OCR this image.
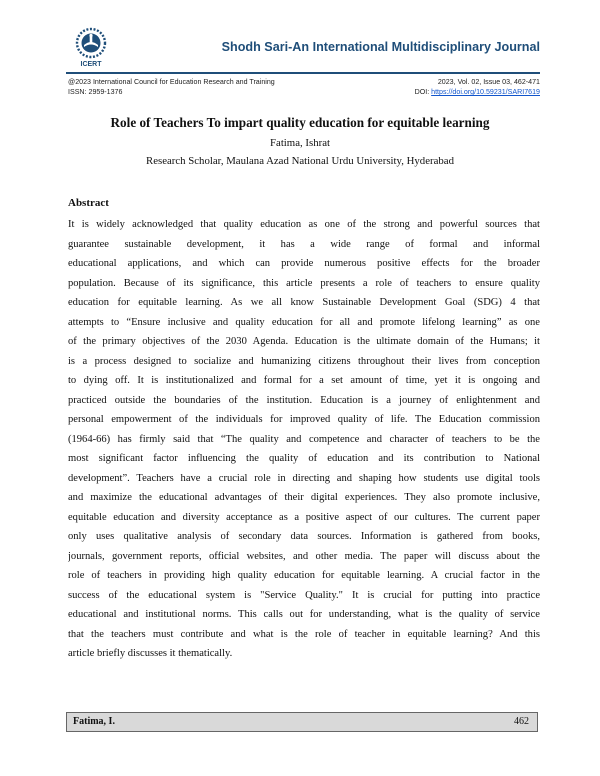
ICERT
Shodh Sari-An International Multidisciplinary Journal
@2023 International Council for Education Research and Training
ISSN: 2959-1376
2023, Vol. 02, Issue 03, 462-471
DOI: https://doi.org/10.59231/SARI7619
Role of Teachers To impart quality education for equitable learning
Fatima, Ishrat
Research Scholar, Maulana Azad National Urdu University, Hyderabad
Abstract
It is widely acknowledged that quality education as one of the strong and powerful sources that
guarantee sustainable development, it has a wide range of formal and informal
educational applications, and which can provide numerous positive effects for the broader
population. Because of its significance, this article presents a role of teachers to ensure quality
education for equitable learning. As we all know Sustainable Development Goal (SDG) 4 that
attempts to “Ensure inclusive and quality education for all and promote lifelong learning” as one
of the primary objectives of the 2030 Agenda. Education is the ultimate domain of the Humans; it
is a process designed to socialize and humanizing citizens throughout their lives from conception
to dying off. It is institutionalized and formal for a set amount of time, yet it is ongoing and
practiced outside the boundaries of the institution. Education is a journey of enlightenment and
personal empowerment of the individuals for improved quality of life. The Education commission
(1964-66) has firmly said that “The quality and competence and character of teachers to be the
most significant factor influencing the quality of education and its contribution to National
development”. Teachers have a crucial role in directing and shaping how students use digital tools
and maximize the educational advantages of their digital experiences. They also promote inclusive,
equitable education and diversity acceptance as a positive aspect of our cultures. The current paper
only uses qualitative analysis of secondary data sources. Information is gathered from books,
journals, government reports, official websites, and other media. The paper will discuss about the
role of teachers in providing high quality education for equitable learning. A crucial factor in the
success of the educational system is "Service Quality." It is crucial for putting into practice
educational and institutional norms. This calls out for understanding, what is the quality of service
that the teachers must contribute and what is the role of teacher in equitable learning? And this
article briefly discusses it thematically.
Fatima, I.	462
